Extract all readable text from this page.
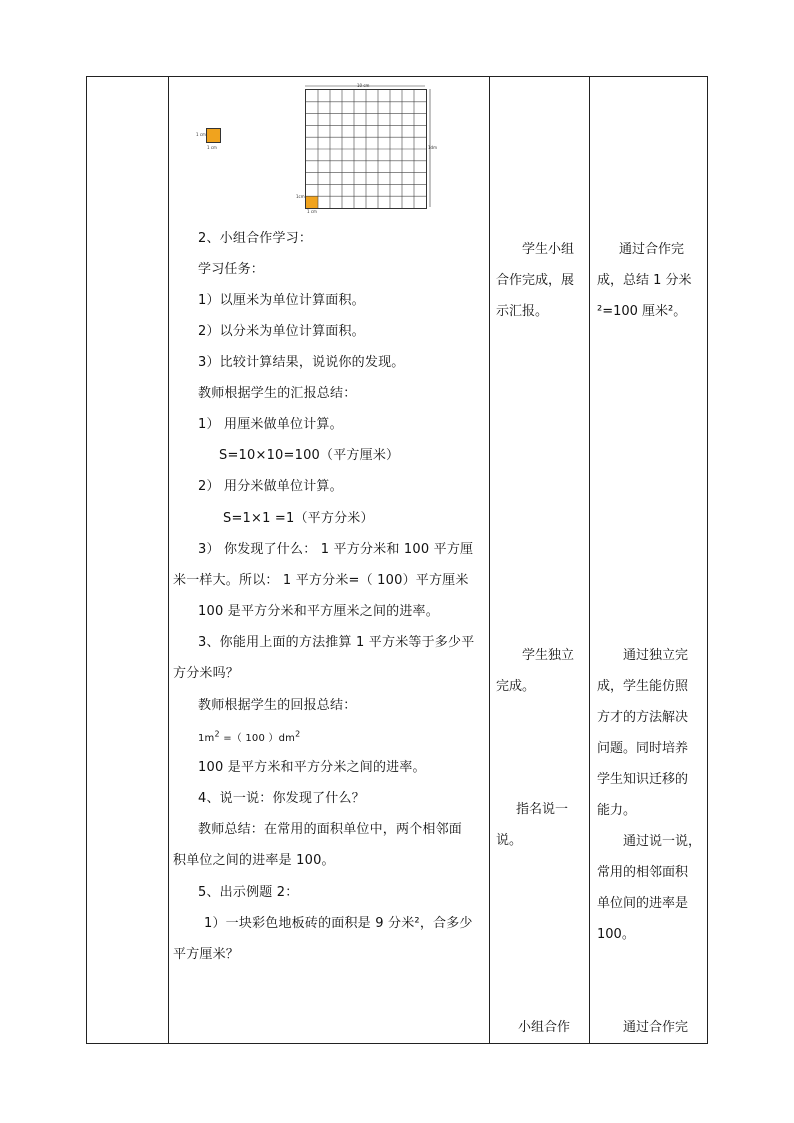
1 cm
1 cm
10 cm
1dm
1 cm
1cm
2、小组合作学习：
学习任务：
1）以厘米为单位计算面积。
2）以分米为单位计算面积。
3）比较计算结果，说说你的发现。
教师根据学生的汇报总结：
1） 用厘米做单位计算。
S=10×10=100（平方厘米）
2） 用分米做单位计算。
S=1×1 =1（平方分米）
3） 你发现了什么： 1 平方分米和 100 平方厘
米一样大。所以： 1 平方分米=（ 100）平方厘米
100 是平方分米和平方厘米之间的进率。
3、你能用上面的方法推算 1 平方米等于多少平
方分米吗？
教师根据学生的回报总结：
$1m^2$ =（ 100 ）$dm^2$
100 是平方米和平方分米之间的进率。
4、说一说：你发现了什么？
教师总结：在常用的面积单位中，两个相邻面
积单位之间的进率是 100。
5、出示例题 2：
1）一块彩色地板砖的面积是 9 分米²，合多少
平方厘米？
学生小组
合作完成，展
示汇报。
学生独立
完成。
指名说一
说。
小组合作
通过合作完
成，总结 1 分米
²=100 厘米²。
通过独立完
成，学生能仿照
方才的方法解决
问题。同时培养
学生知识迁移的
能力。
通过说一说，
常用的相邻面积
单位间的进率是
100。
通过合作完
